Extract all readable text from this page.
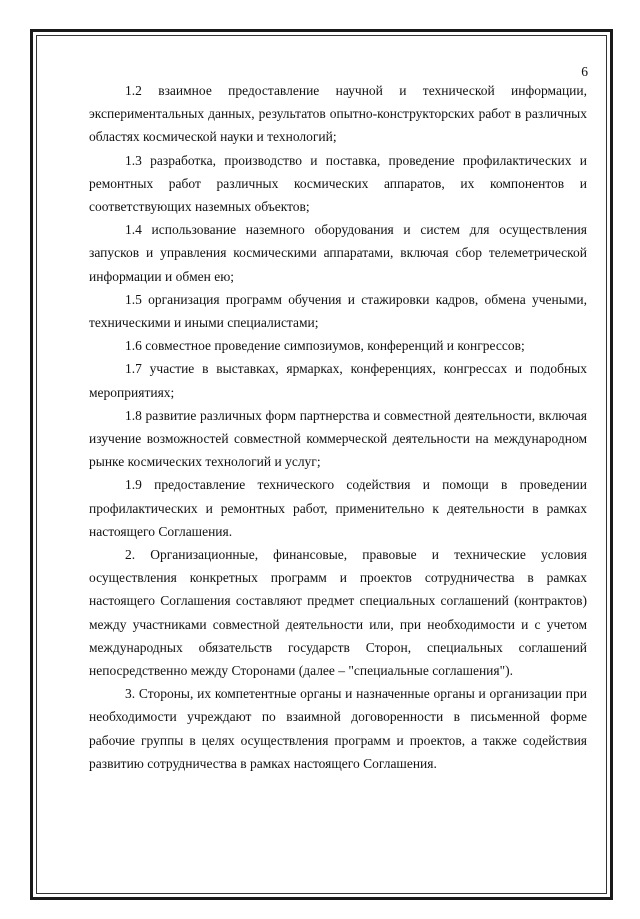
6

1.2 взаимное предоставление научной и технической информации, экспериментальных данных, результатов опытно-конструкторских работ в различных областях космической науки и технологий;

1.3 разработка, производство и поставка, проведение профилактических и ремонтных работ различных космических аппаратов, их компонентов и соответствующих наземных объектов;

1.4 использование наземного оборудования и систем для осуществления запусков и управления космическими аппаратами, включая сбор телеметрической информации и обмен ею;

1.5 организация программ обучения и стажировки кадров, обмена учеными, техническими и иными специалистами;

1.6 совместное проведение симпозиумов, конференций и конгрессов;

1.7 участие в выставках, ярмарках, конференциях, конгрессах и подобных мероприятиях;

1.8 развитие различных форм партнерства и совместной деятельности, включая изучение возможностей совместной коммерческой деятельности на международном рынке космических технологий и услуг;

1.9 предоставление технического содействия и помощи в проведении профилактических и ремонтных работ, применительно к деятельности в рамках настоящего Соглашения.

2. Организационные, финансовые, правовые и технические условия осуществления конкретных программ и проектов сотрудничества в рамках настоящего Соглашения составляют предмет специальных соглашений (контрактов) между участниками совместной деятельности или, при необходимости и с учетом международных обязательств государств Сторон, специальных соглашений непосредственно между Сторонами (далее – "специальные соглашения").

3. Стороны, их компетентные органы и назначенные органы и организации при необходимости учреждают по взаимной договоренности в письменной форме рабочие группы в целях осуществления программ и проектов, а также содействия развитию сотрудничества в рамках настоящего Соглашения.
